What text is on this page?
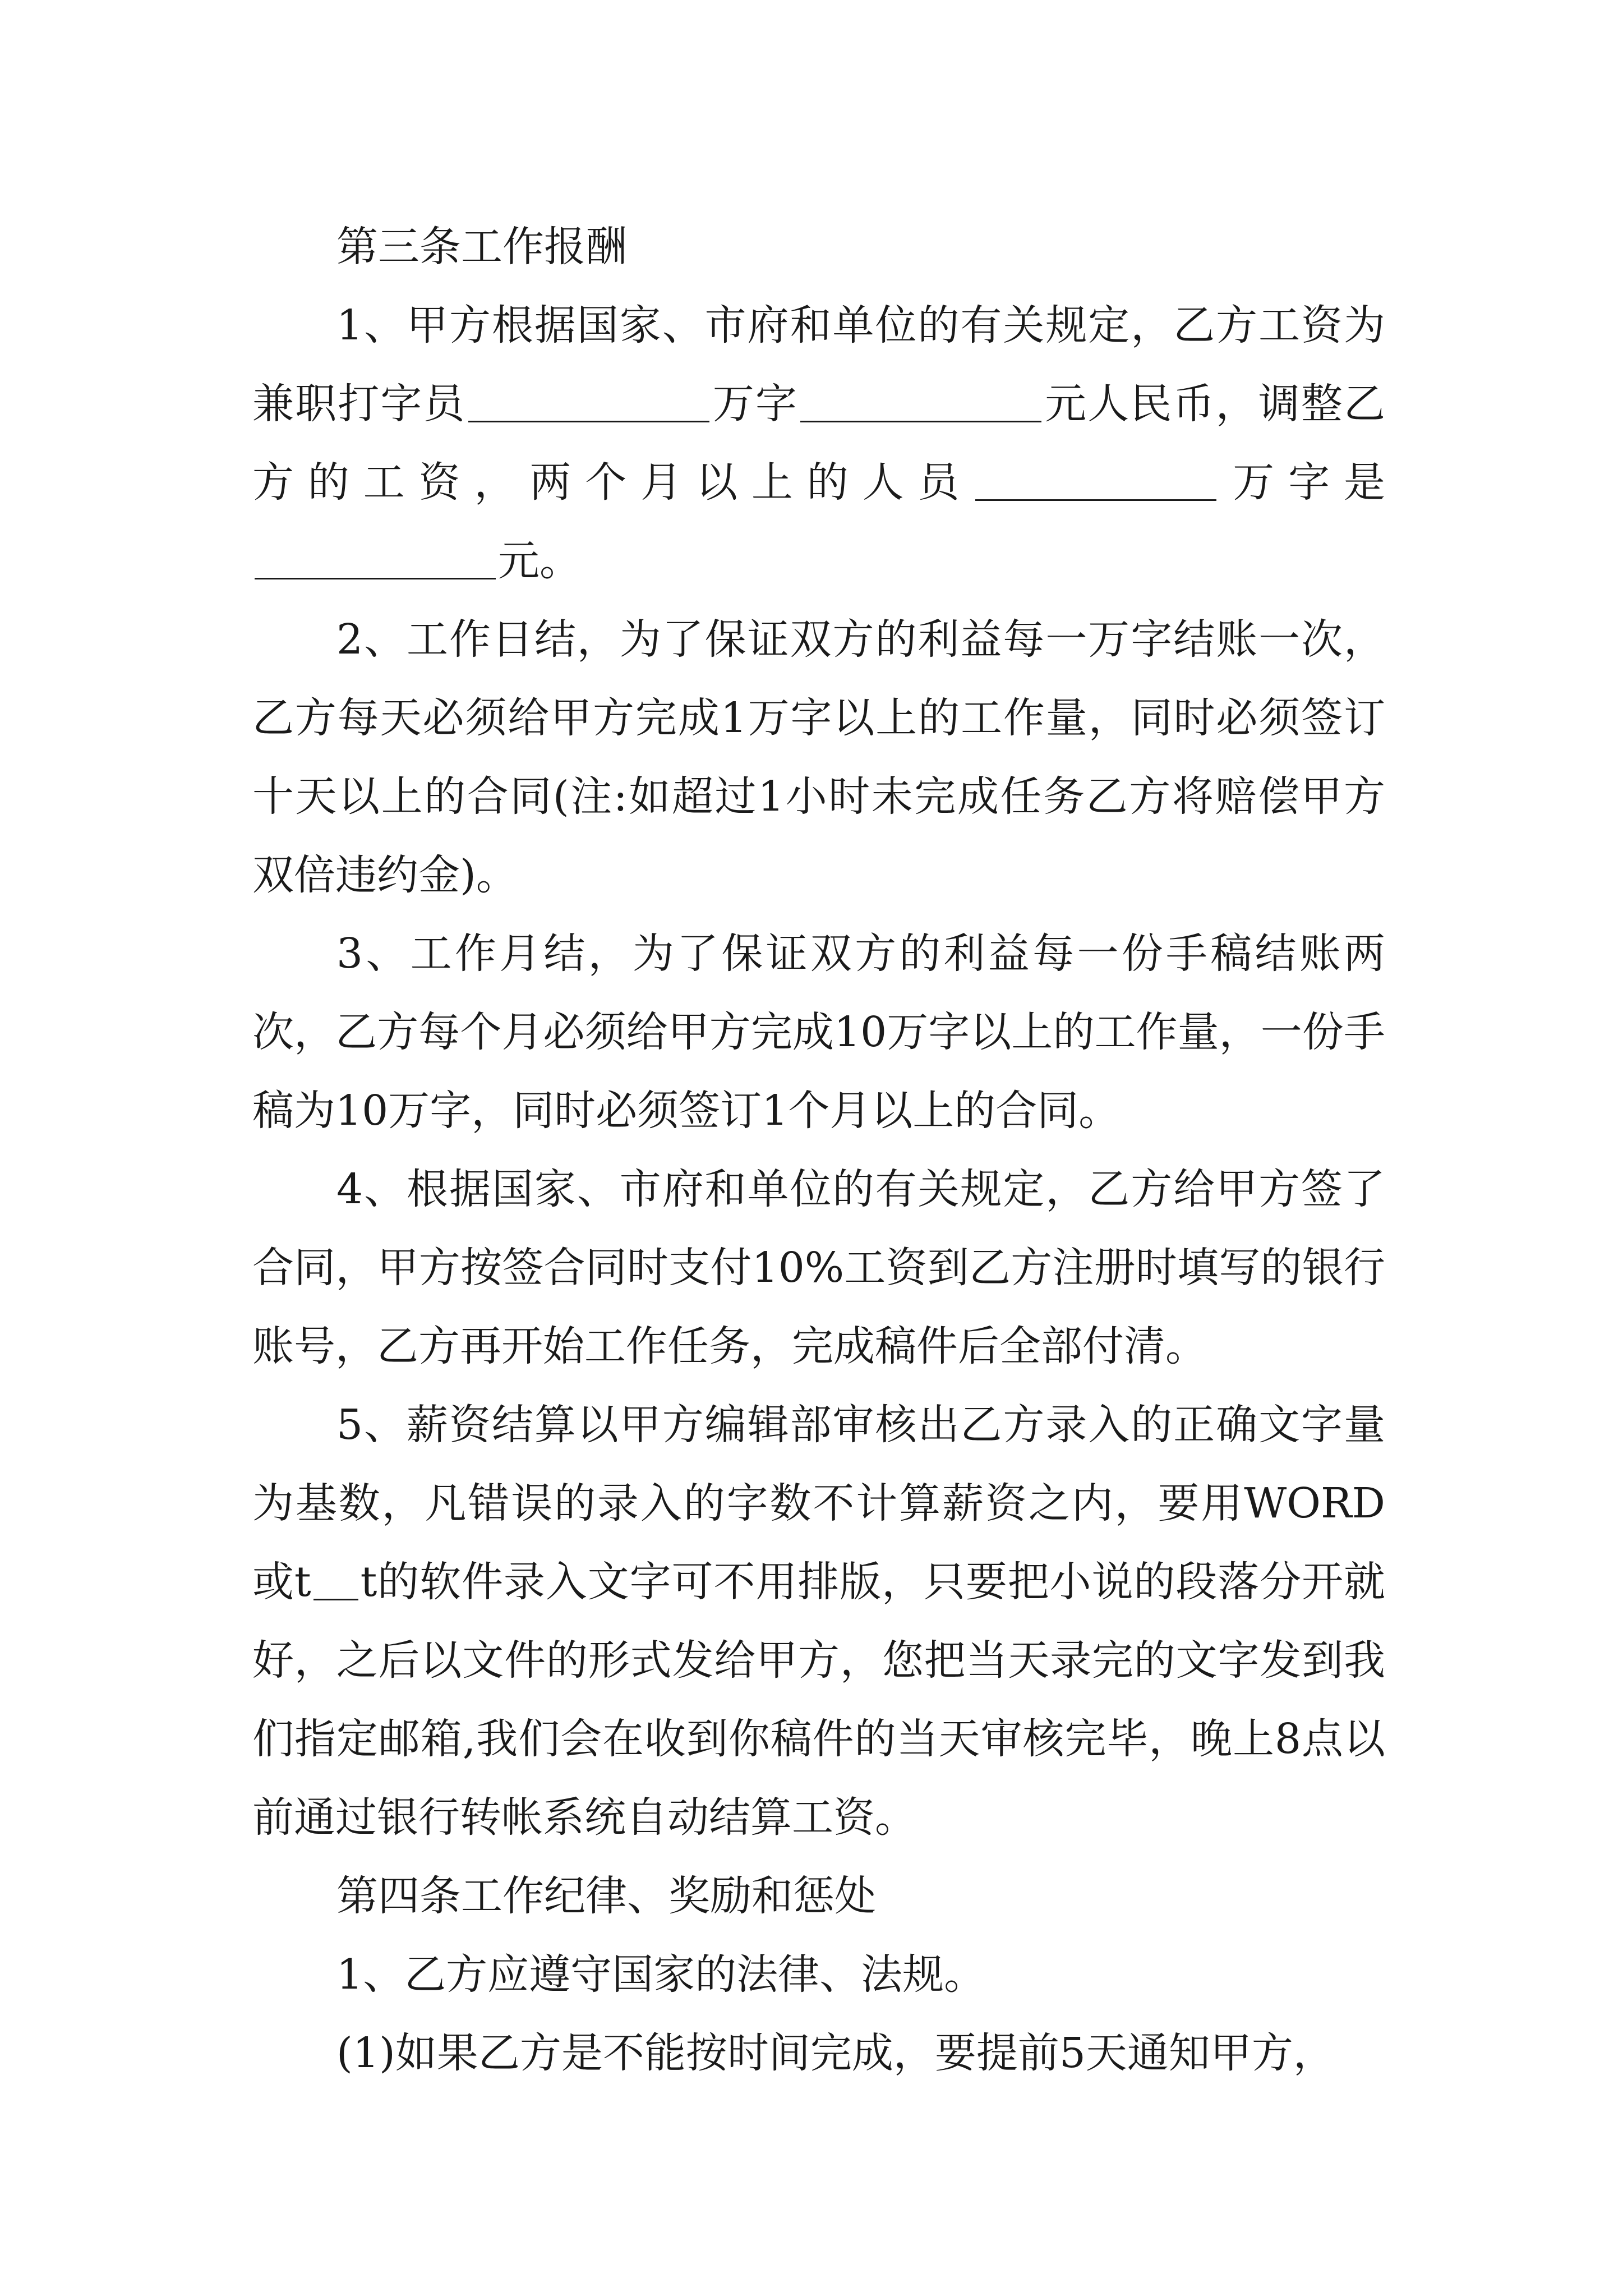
第三条工作报酬

1、甲方根据国家、市府和单位的有关规定，乙方工资为兼职打字员	万字	元人民币，调整乙方的工资，两个月以上的人员	万字是元。

2、工作日结，为了保证双方的利益每一万字结账一次，乙方每天必须给甲方完成1万字以上的工作量，同时必须签订十天以上的合同(注:如超过1小时未完成任务乙方将赔偿甲方双倍违约金)。

3、工作月结，为了保证双方的利益每一份手稿结账两次，乙方每个月必须给甲方完成10万字以上的工作量，一份手稿为10万字，同时必须签订1个月以上的合同。

4、根据国家、市府和单位的有关规定，乙方给甲方签了合同，甲方按签合同时支付10%工资到乙方注册时填写的银行账号，乙方再开始工作任务，完成稿件后全部付清。

5、薪资结算以甲方编辑部审核出乙方录入的正确文字量为基数，凡错误的录入的字数不计算薪资之内，要用WORD或t t的软件录入文字可不用排版，只要把小说的段落分开就好，之后以文件的形式发给甲方，您把当天录完的文字发到我们指定邮箱,我们会在收到你稿件的当天审核完毕，晚上8点以前通过银行转帐系统自动结算工资。

第四条工作纪律、奖励和惩处

1、乙方应遵守国家的法律、法规。

(1)如果乙方是不能按时间完成，要提前5天通知甲方，
